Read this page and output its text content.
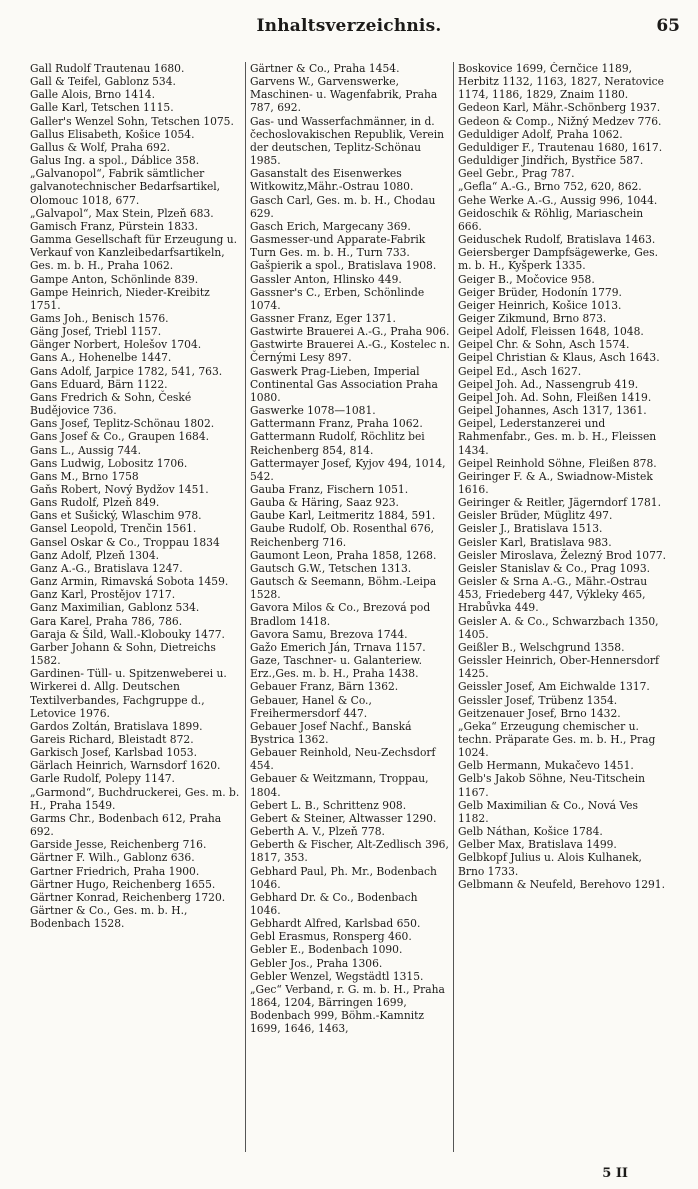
Inhaltsverzeichnis.	65
Gall Rudolf Trautenau 1680.
Gall & Teifel, Gablonz 534.
Galle Alois, Brno 1414.
Galle Karl, Tetschen 1115.
Galler's Wenzel Sohn, Tetschen 1075.
Gallus Elisabeth, Košice 1054.
Gallus & Wolf, Praha 692.
Galus Ing. a spol., Dáblice 358.
„Galvanopol“, Fabrik sämtlicher galvanotechnischer Bedarfsartikel, Olomouc 1018, 677.
„Galvapol“, Max Stein, Plzeň 683.
Gamisch Franz, Pürstein 1833.
Gamma Gesellschaft für Erzeugung u. Verkauf von Kanzleibedarfsartikeln, Ges. m. b. H., Praha 1062.
Gampe Anton, Schönlinde 839.
Gampe Heinrich, Nieder-Kreibitz 1751.
Gams Joh., Benisch 1576.
Gäng Josef, Triebl 1157.
Gänger Norbert, Holešov 1704.
Gans A., Hohenelbe 1447.
Gans Adolf, Jarpice 1782, 541, 763.
Gans Eduard, Bärn 1122.
Gans Fredrich & Sohn, České Budějovice 736.
Gans Josef, Teplitz-Schönau 1802.
Gans Josef & Co., Graupen 1684.
Gans L., Aussig 744.
Gans Ludwig, Lobositz 1706.
Gans M., Brno 1758
Gaňs Robert, Nový Bydžov 1451.
Gans Rudolf, Plzeň 849.
Gans et Sušický, Wlaschim 978.
Gansel Leopold, Trenčin 1561.
Gansel Oskar & Co., Troppau 1834
Ganz Adolf, Plzeň 1304.
Ganz A.-G., Bratislava 1247.
Ganz Armin, Rimavská Sobota 1459.
Ganz Karl, Prostějov 1717.
Ganz Maximilian, Gablonz 534.
Gara Karel, Praha 786, 786.
Garaja & Šild, Wall.-Klobouky 1477.
Garber Johann & Sohn, Dietreichs 1582.
Gardinen- Tüll- u. Spitzenweberei u. Wirkerei d. Allg. Deutschen Textilverbandes, Fachgruppe d., Letovice 1976.
Gardos Zoltán, Bratislava 1899.
Gareis Richard, Bleistadt 872.
Garkisch Josef, Karlsbad 1053.
Gärlach Heinrich, Warnsdorf 1620.
Garle Rudolf, Polepy 1147.
„Garmond“, Buchdruckerei, Ges. m. b. H., Praha 1549.
Garms Chr., Bodenbach 612, Praha 692.
Garside Jesse, Reichenberg 716.
Gärtner F. Wilh., Gablonz 636.
Gartner Friedrich, Praha 1900.
Gärtner Hugo, Reichenberg 1655.
Gärtner Konrad, Reichenberg 1720.
Gärtner & Co., Ges. m. b. H., Bodenbach 1528.
Gärtner & Co., Praha 1454.
Garvens W., Garvenswerke, Maschinen- u. Wagenfabrik, Praha 787, 692.
Gas- und Wasserfachmänner, in d. čechoslovakischen Republik, Verein der deutschen, Teplitz-Schönau 1985.
Gasanstalt des Eisenwerkes Witkowitz,Mähr.-Ostrau 1080.
Gasch Carl, Ges. m. b. H., Chodau 629.
Gasch Erich, Margecany 369.
Gasmesser-und Apparate-Fabrik Turn Ges. m. b. H., Turn 733.
Gašpierik a spol., Bratislava 1908.
Gassler Anton, Hlinsko 449.
Gassner's C., Erben, Schönlinde 1074.
Gassner Franz, Eger 1371.
Gastwirte Brauerei A.-G., Praha 906.
Gastwirte Brauerei A.-G., Kostelec n. Černými Lesy 897.
Gaswerk Prag-Lieben, Imperial Continental Gas Association Praha 1080.
Gaswerke 1078—1081.
Gattermann Franz, Praha 1062.
Gattermann Rudolf, Röchlitz bei Reichenberg 854, 814.
Gattermayer Josef, Kyjov 494, 1014, 542.
Gauba Franz, Fischern 1051.
Gauba & Häring, Saaz 923.
Gaube Karl, Leitmeritz 1884, 591.
Gaube Rudolf, Ob. Rosenthal 676, Reichenberg 716.
Gaumont Leon, Praha 1858, 1268.
Gautsch G.W., Tetschen 1313.
Gautsch & Seemann, Böhm.-Leipa 1528.
Gavora Milos & Co., Brezová pod Bradlom 1418.
Gavora Samu, Brezova 1744.
Gažo Emerich Ján, Trnava 1157.
Gaze, Taschner- u. Galanteriew. Erz.,Ges. m. b. H., Praha 1438.
Gebauer Franz, Bärn 1362.
Gebauer, Hanel & Co., Freihermersdorf 447.
Gebauer Josef Nachf., Banská Bystrica 1362.
Gebauer Reinhold, Neu-Zechsdorf 454.
Gebauer & Weitzmann, Troppau, 1804.
Gebert L. B., Schrittenz 908.
Gebert & Steiner, Altwasser 1290.
Geberth A. V., Plzeň 778.
Geberth & Fischer, Alt-Zedlisch 396, 1817, 353.
Gebhard Paul, Ph. Mr., Bodenbach 1046.
Gebhard Dr. & Co., Bodenbach 1046.
Gebhardt Alfred, Karlsbad 650.
Gebl Erasmus, Ronsperg 460.
Gebler E., Bodenbach 1090.
Gebler Jos., Praha 1306.
Gebler Wenzel, Wegstädtl 1315.
„Gec“ Verband, r. G. m. b. H., Praha 1864, 1204, Bärringen 1699, Bodenbach 999, Böhm.-Kamnitz 1699, 1646, 1463,
Boskovice 1699, Černčice 1189, Herbitz 1132, 1163, 1827, Neratovice 1174, 1186, 1829, Znaim 1180.
Gedeon Karl, Mähr.-Schönberg 1937.
Gedeon & Comp., Nižný Medzev 776.
Geduldiger Adolf, Praha 1062.
Geduldiger F., Trautenau 1680, 1617.
Geduldiger Jindřich, Bystřice 587.
Geel Gebr., Prag 787.
„Gefla“ A.-G., Brno 752, 620, 862.
Gehe Werke A.-G., Aussig 996, 1044.
Geidoschik & Röhlig, Mariaschein 666.
Geiduschek Rudolf, Bratislava 1463.
Geiersberger Dampfsägewerke, Ges. m. b. H., Kyšperk 1335.
Geiger B., Močovice 958.
Geiger Brüder, Hodonín 1779.
Geiger Heinrich, Košice 1013.
Geiger Zikmund, Brno 873.
Geipel Adolf, Fleissen 1648, 1048.
Geipel Chr. & Sohn, Asch 1574.
Geipel Christian & Klaus, Asch 1643.
Geipel Ed., Asch 1627.
Geipel Joh. Ad., Nassengrub 419.
Geipel Joh. Ad. Sohn, Fleißen 1419.
Geipel Johannes, Asch 1317, 1361.
Geipel, Lederstanzerei und Rahmenfabr., Ges. m. b. H., Fleissen 1434.
Geipel Reinhold Söhne, Fleißen 878.
Geiringer F. & A., Swiadnow-Mistek 1616.
Geiringer & Reitler, Jägerndorf 1781.
Geisler Brüder, Müglitz 497.
Geisler J., Bratislava 1513.
Geisler Karl, Bratislava 983.
Geisler Miroslava, Železný Brod 1077.
Geisler Stanislav & Co., Prag 1093.
Geisler & Srna A.-G., Mähr.-Ostrau 453, Friedeberg 447, Výkleky 465, Hrabůvka 449.
Geisler A. & Co., Schwarzbach 1350, 1405.
Geißler B., Welschgrund 1358.
Geissler Heinrich, Ober-Hennersdorf 1425.
Geissler Josef, Am Eichwalde 1317.
Geissler Josef, Trübenz 1354.
Geitzenauer Josef, Brno 1432.
„Geka“ Erzeugung chemischer u. techn. Präparate Ges. m. b. H., Prag 1024.
Gelb Hermann, Mukačevo 1451.
Gelb's Jakob Söhne, Neu-Titschein 1167.
Gelb Maximilian & Co., Nová Ves 1182.
Gelb Náthan, Košice 1784.
Gelber Max, Bratislava 1499.
Gelbkopf Julius u. Alois Kulhanek, Brno 1733.
Gelbmann & Neufeld, Berehovo 1291.
5 II
